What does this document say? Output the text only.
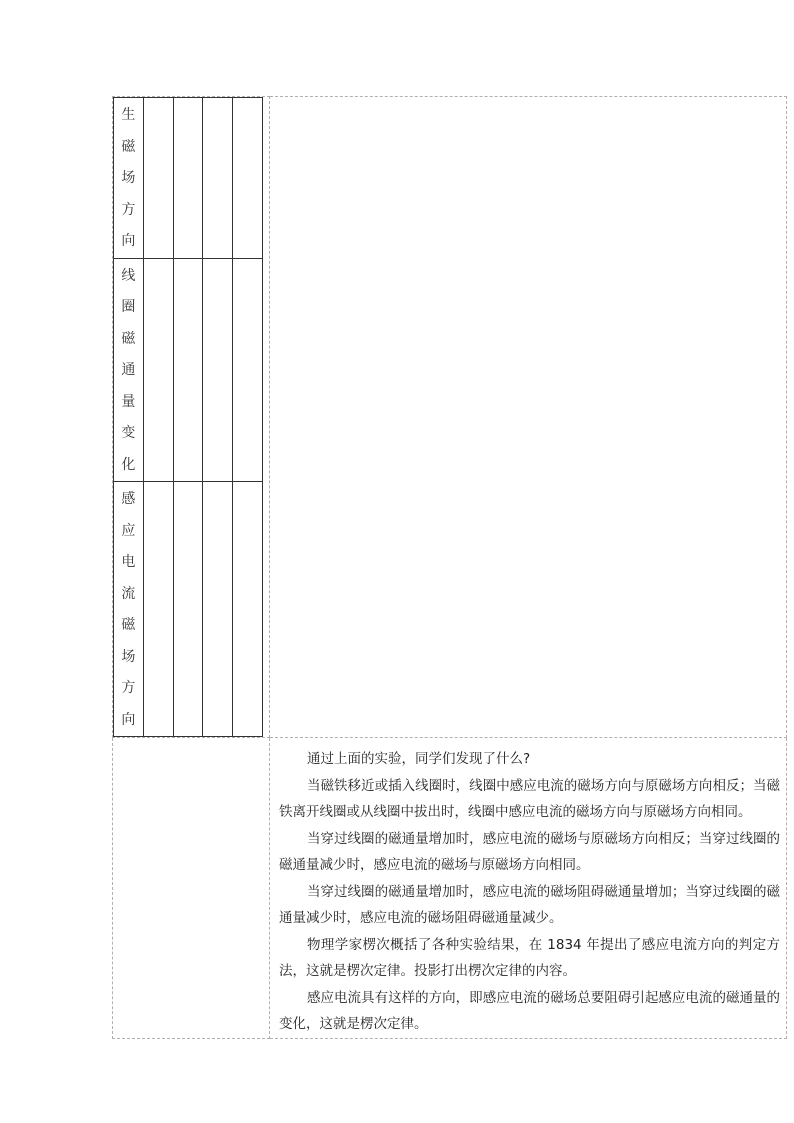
生
磁
场
方
向

线
圈
磁
通
量
变
化

感
应
电
流
磁
场
方
向

通过上面的实验，同学们发现了什么?

当磁铁移近或插入线圈时，线圈中感应电流的磁场方向与原磁场方向相反；当磁铁离开线圈或从线圈中拔出时，线圈中感应电流的磁场方向与原磁场方向相同。

当穿过线圈的磁通量增加时，感应电流的磁场与原磁场方向相反；当穿过线圈的磁通量减少时，感应电流的磁场与原磁场方向相同。

当穿过线圈的磁通量增加时，感应电流的磁场阻碍磁通量增加；当穿过线圈的磁通量减少时，感应电流的磁场阻碍磁通量减少。

物理学家楞次概括了各种实验结果，在 1834 年提出了感应电流方向的判定方法，这就是楞次定律。投影打出楞次定律的内容。

感应电流具有这样的方向，即感应电流的磁场总要阻碍引起感应电流的磁通量的变化，这就是楞次定律。
